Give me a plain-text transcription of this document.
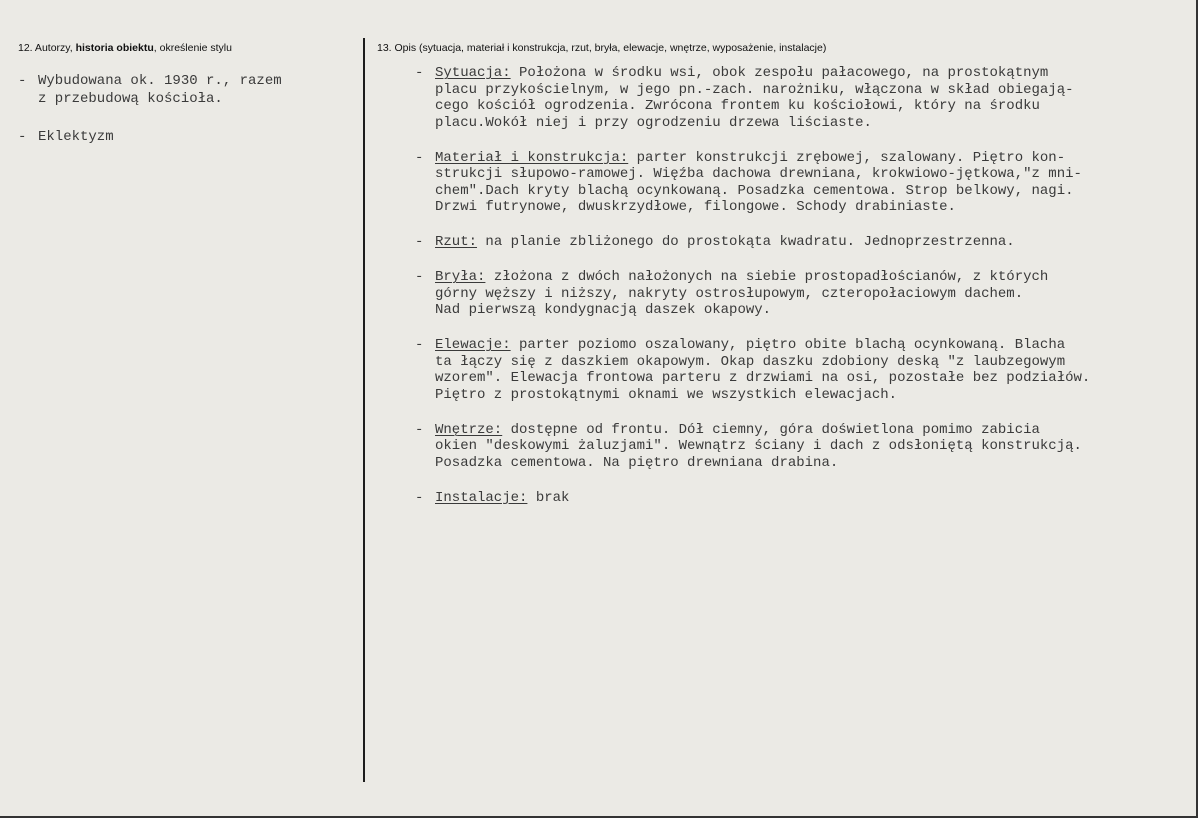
12. Autorzy, historia obiektu, określenie stylu	13. Opis (sytuacja, materiał i konstrukcja, rzut, bryła, elewacje, wnętrze, wyposażenie, instalacje)
- Wybudowana ok. 1930 r., razem
z przebudową kościoła.
- Eklektyzm
- Sytuacja: Położona w środku wsi, obok zespołu pałacowego, na prostokątnym
placu przykościelnym, w jego pn.-zach. narożniku, włączona w skład obiegają-
cego kościół ogrodzenia. Zwrócona frontem ku kościołowi, który na środku
placu.Wokół niej i przy ogrodzeniu drzewa liściaste.
- Materiał i konstrukcja: parter konstrukcji zrębowej, szalowany. Piętro kon-
strukcji słupowo-ramowej. Więźba dachowa drewniana, krokwiowo-jętkowa,"z mni-
chem".Dach kryty blachą ocynkowaną. Posadzka cementowa. Strop belkowy, nagi.
Drzwi futrynowe, dwuskrzydłowe, filongowe. Schody drabiniaste.
- Rzut: na planie zbliżonego do prostokąta kwadratu. Jednoprzestrzenna.
- Bryła: złożona z dwóch nałożonych na siebie prostopadłościanów, z których
górny węższy i niższy, nakryty ostrosłupowym, czteropołaciowym dachem.
Nad pierwszą kondygnacją daszek okapowy.
- Elewacje: parter poziomo oszalowany, piętro obite blachą ocynkowaną. Blacha
ta łączy się z daszkiem okapowym. Okap daszku zdobiony deską "z laubzegowym
wzorem". Elewacja frontowa parteru z drzwiami na osi, pozostałe bez podziałów.
Piętro z prostokątnymi oknami we wszystkich elewacjach.
- Wnętrze: dostępne od frontu. Dół ciemny, góra doświetlona pomimo zabicia
okien "deskowymi żaluzjami". Wewnątrz ściany i dach z odsłoniętą konstrukcją.
Posadzka cementowa. Na piętro drewniana drabina.
- Instalacje: brak
